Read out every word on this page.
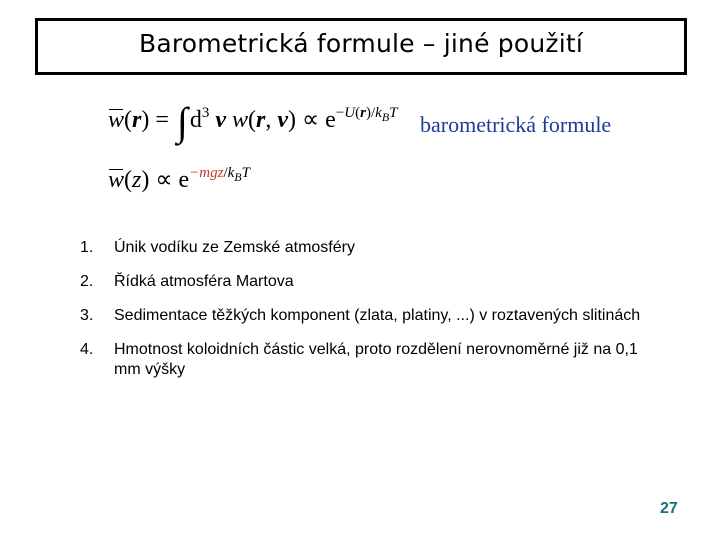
Barometrická formule – jiné použití
$w(r) = \int d^3$ v w(r, $v) \propto e^{-U(r)/k_BT}$ barometrická formule
$w(z) \propto e^{-mgz/k_BT}$
1.	Únik vodíku ze Zemské atmosféry
2.	Řídká atmosféra Martova
3.	Sedimentace těžkých komponent (zlata, platiny, ...) v roztavených slitinách
4.	Hmotnost koloidních částic velká, proto rozdělení nerovnoměrné již na 0,1 mm výšky
27
